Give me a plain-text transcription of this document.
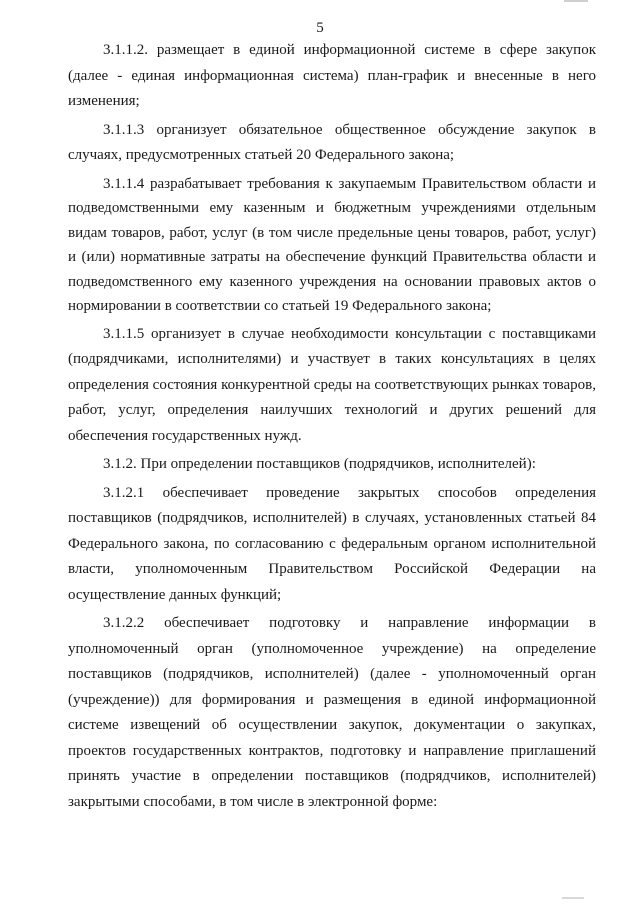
5

3.1.1.2. размещает в единой информационной системе в сфере закупок (далее - единая информационная система) план-график и внесенные в него изменения;

3.1.1.3 организует обязательное общественное обсуждение закупок в случаях, предусмотренных статьей 20 Федерального закона;

3.1.1.4 разрабатывает требования к закупаемым Правительством области и подведомственными ему казенным и бюджетным учреждениями отдельным видам товаров, работ, услуг (в том числе предельные цены товаров, работ, услуг) и (или) нормативные затраты на обеспечение функций Правительства области и подведомственного ему казенного учреждения на основании правовых актов о нормировании в соответствии со статьей 19 Федерального закона;

3.1.1.5 организует в случае необходимости консультации с поставщиками (подрядчиками, исполнителями) и участвует в таких консультациях в целях определения состояния конкурентной среды на соответствующих рынках товаров, работ, услуг, определения наилучших технологий и других решений для обеспечения государственных нужд.

3.1.2. При определении поставщиков (подрядчиков, исполнителей):

3.1.2.1 обеспечивает проведение закрытых способов определения поставщиков (подрядчиков, исполнителей) в случаях, установленных статьей 84 Федерального закона, по согласованию с федеральным органом исполнительной власти, уполномоченным Правительством Российской Федерации на осуществление данных функций;

3.1.2.2 обеспечивает подготовку и направление информации в уполномоченный орган (уполномоченное учреждение) на определение поставщиков (подрядчиков, исполнителей) (далее - уполномоченный орган (учреждение)) для формирования и размещения в единой информационной системе извещений об осуществлении закупок, документации о закупках, проектов государственных контрактов, подготовку и направление приглашений принять участие в определении поставщиков (подрядчиков, исполнителей) закрытыми способами, в том числе в электронной форме:
